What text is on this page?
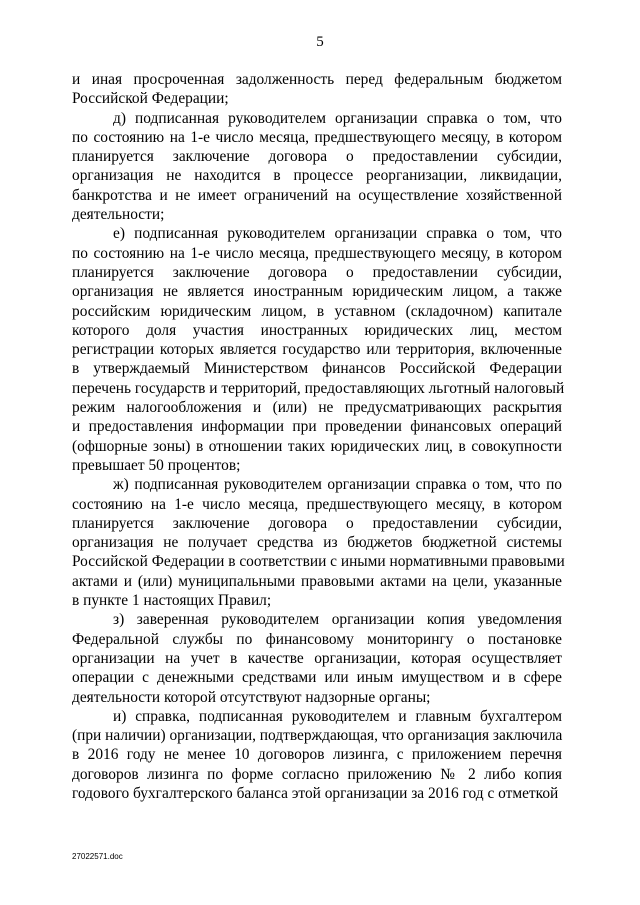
5
и иная просроченная задолженность перед федеральным бюджетом
Российской Федерации;
д) подписанная руководителем организации справка о том, что
по состоянию на 1-е число месяца, предшествующего месяцу, в котором
планируется заключение договора о предоставлении субсидии,
организация не находится в процессе реорганизации, ликвидации,
банкротства и не имеет ограничений на осуществление хозяйственной
деятельности;
е) подписанная руководителем организации справка о том, что
по состоянию на 1-е число месяца, предшествующего месяцу, в котором
планируется заключение договора о предоставлении субсидии,
организация не является иностранным юридическим лицом, а также
российским юридическим лицом, в уставном (складочном) капитале
которого доля участия иностранных юридических лиц, местом
регистрации которых является государство или территория, включенные
в утверждаемый Министерством финансов Российской Федерации
перечень государств и территорий, предоставляющих льготный налоговый
режим налогообложения и (или) не предусматривающих раскрытия
и предоставления информации при проведении финансовых операций
(офшорные зоны) в отношении таких юридических лиц, в совокупности
превышает 50 процентов;
ж) подписанная руководителем организации справка о том, что по
состоянию на 1-е число месяца, предшествующего месяцу, в котором
планируется заключение договора о предоставлении субсидии,
организация не получает средства из бюджетов бюджетной системы
Российской Федерации в соответствии с иными нормативными правовыми
актами и (или) муниципальными правовыми актами на цели, указанные
в пункте 1 настоящих Правил;
з) заверенная руководителем организации копия уведомления
Федеральной службы по финансовому мониторингу о постановке
организации на учет в качестве организации, которая осуществляет
операции с денежными средствами или иным имуществом и в сфере
деятельности которой отсутствуют надзорные органы;
и) справка, подписанная руководителем и главным бухгалтером
(при наличии) организации, подтверждающая, что организация заключила
в 2016 году не менее 10 договоров лизинга, с приложением перечня
договоров лизинга по форме согласно приложению № 2 либо копия
годового бухгалтерского баланса этой организации за 2016 год с отметкой
27022571.doc
